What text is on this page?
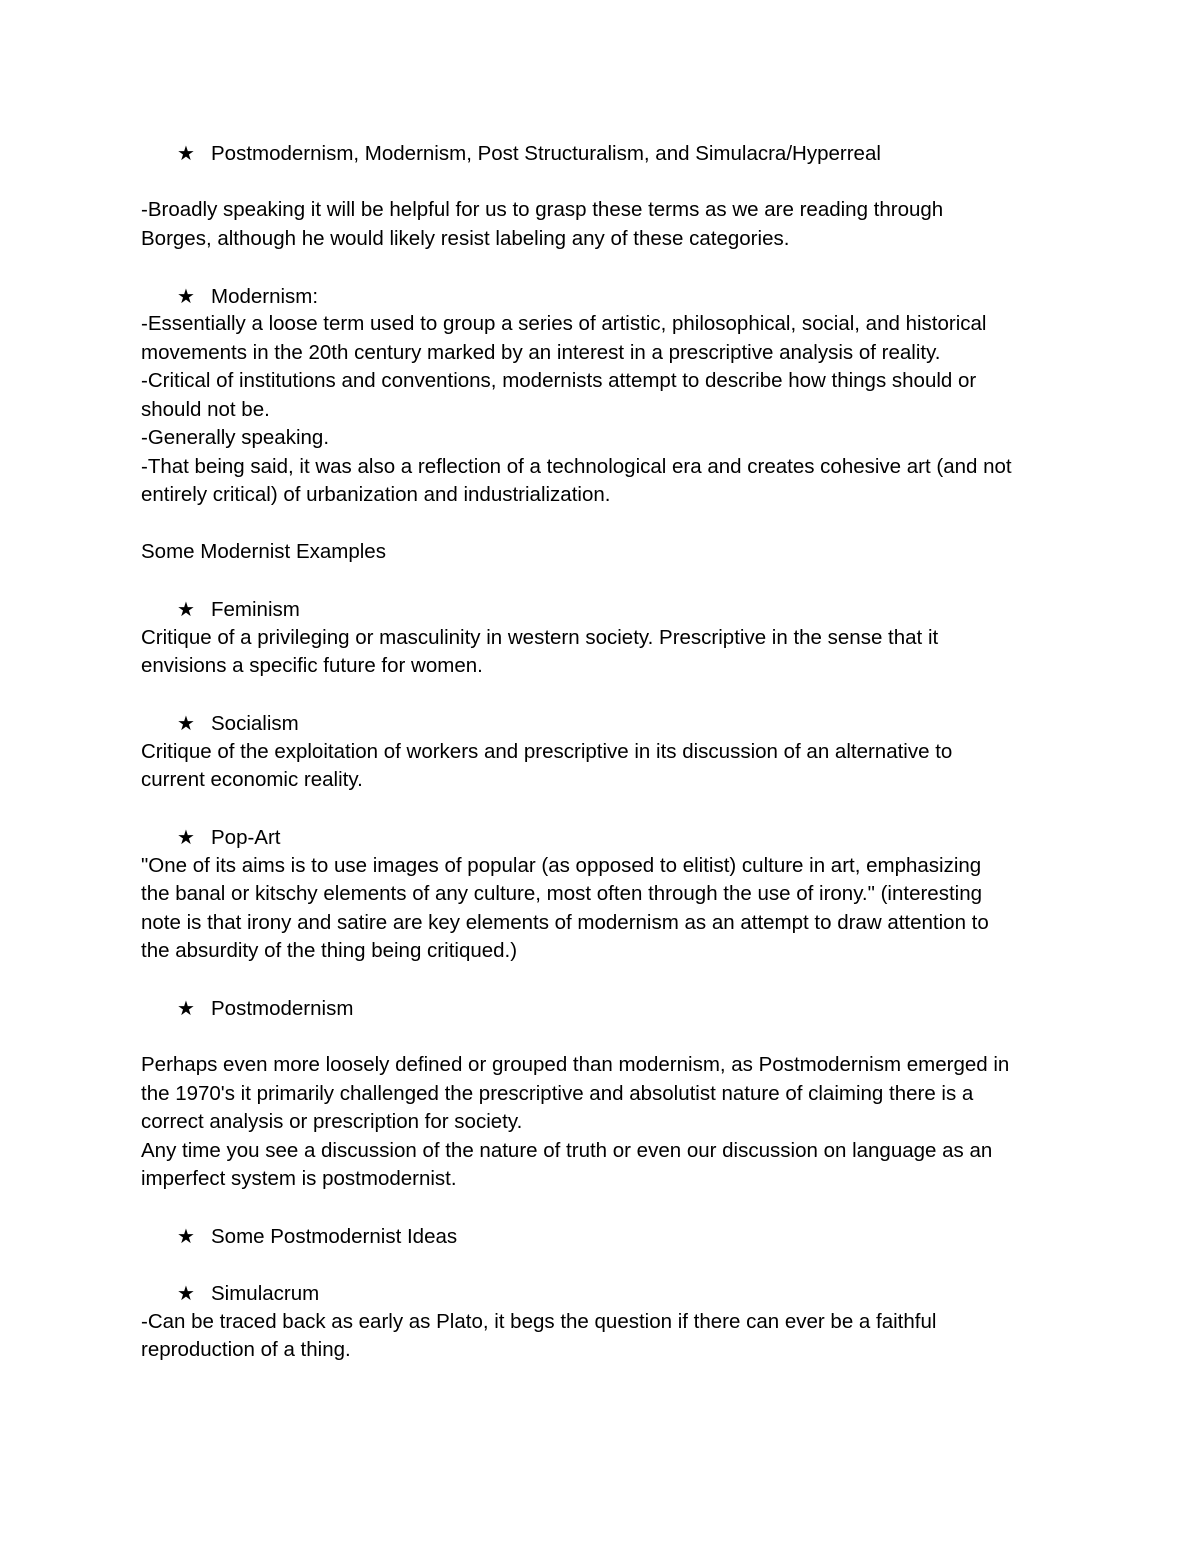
★ Postmodernism, Modernism, Post Structuralism, and Simulacra/Hyperreal
-Broadly speaking it will be helpful for us to grasp these terms as we are reading through
Borges, although he would likely resist labeling any of these categories.
★ Modernism:
-Essentially a loose term used to group a series of artistic, philosophical, social, and historical
movements in the 20th century marked by an interest in a prescriptive analysis of reality.
-Critical of institutions and conventions, modernists attempt to describe how things should or
should not be.
-Generally speaking.
-That being said, it was also a reflection of a technological era and creates cohesive art (and not
entirely critical) of urbanization and industrialization.
Some Modernist Examples
★ Feminism
Critique of a privileging or masculinity in western society. Prescriptive in the sense that it
envisions a specific future for women.
★ Socialism
Critique of the exploitation of workers and prescriptive in its discussion of an alternative to
current economic reality.
★ Pop-Art
"One of its aims is to use images of popular (as opposed to elitist) culture in art, emphasizing
the banal or kitschy elements of any culture, most often through the use of irony." (interesting
note is that irony and satire are key elements of modernism as an attempt to draw attention to
the absurdity of the thing being critiqued.)
★ Postmodernism
Perhaps even more loosely defined or grouped than modernism, as Postmodernism emerged in
the 1970's it primarily challenged the prescriptive and absolutist nature of claiming there is a
correct analysis or prescription for society.
Any time you see a discussion of the nature of truth or even our discussion on language as an
imperfect system is postmodernist.
★ Some Postmodernist Ideas
★ Simulacrum
-Can be traced back as early as Plato, it begs the question if there can ever be a faithful
reproduction of a thing.
